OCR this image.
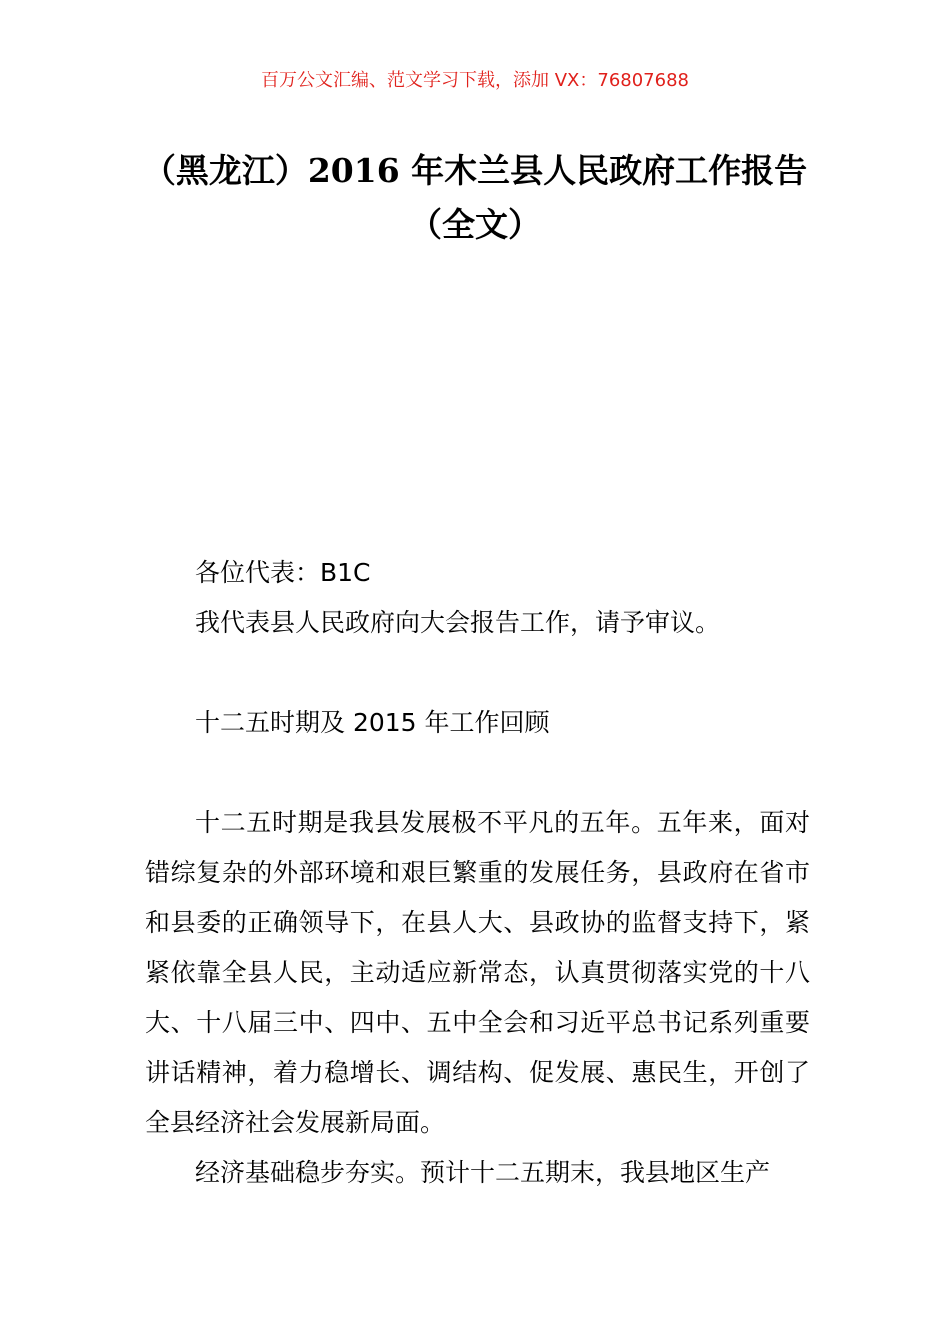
百万公文汇编、范文学习下载，添加 VX：76807688
（黑龙江）2016 年木兰县人民政府工作报告（全文）
各位代表：B1C
我代表县人民政府向大会报告工作，请予审议。
十二五时期及 2015 年工作回顾
十二五时期是我县发展极不平凡的五年。五年来，面对错综复杂的外部环境和艰巨繁重的发展任务，县政府在省市和县委的正确领导下，在县人大、县政协的监督支持下，紧紧依靠全县人民，主动适应新常态，认真贯彻落实党的十八大、十八届三中、四中、五中全会和习近平总书记系列重要讲话精神，着力稳增长、调结构、促发展、惠民生，开创了全县经济社会发展新局面。
经济基础稳步夯实。预计十二五期末，我县地区生产
